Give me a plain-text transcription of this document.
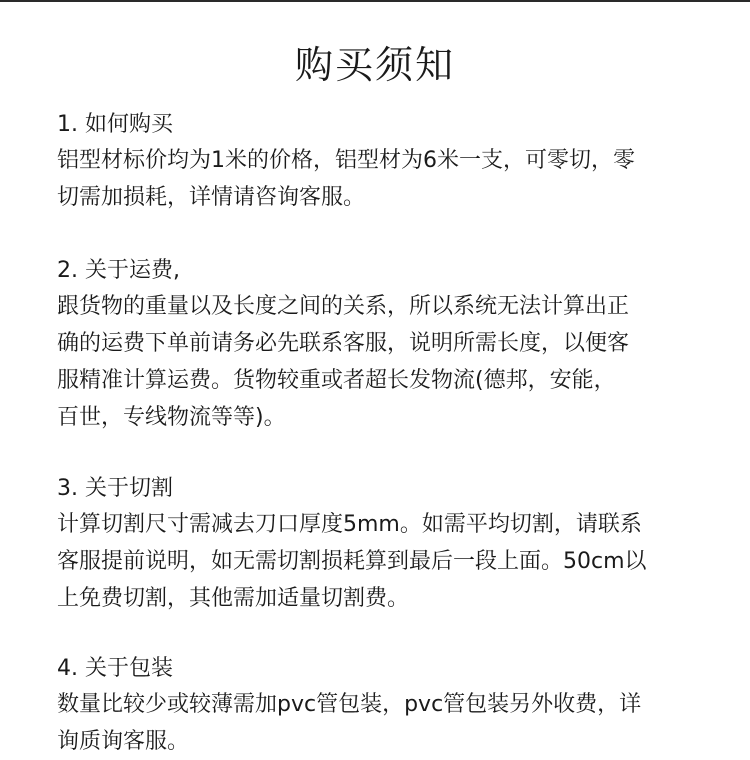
购买须知
1. 如何购买
铝型材标价均为1米的价格，铝型材为6米一支，可零切，零
切需加损耗，详情请咨询客服。
2. 关于运费,
跟货物的重量以及长度之间的关系，所以系统无法计算出正
确的运费下单前请务必先联系客服，说明所需长度，以便客
服精准计算运费。货物较重或者超长发物流(德邦，安能，
百世，专线物流等等)。
3. 关于切割
计算切割尺寸需减去刀口厚度5mm。如需平均切割，请联系
客服提前说明，如无需切割损耗算到最后一段上面。50cm以
上免费切割，其他需加适量切割费。
4. 关于包装
数量比较少或较薄需加pvc管包装，pvc管包装另外收费，详
询质询客服。
